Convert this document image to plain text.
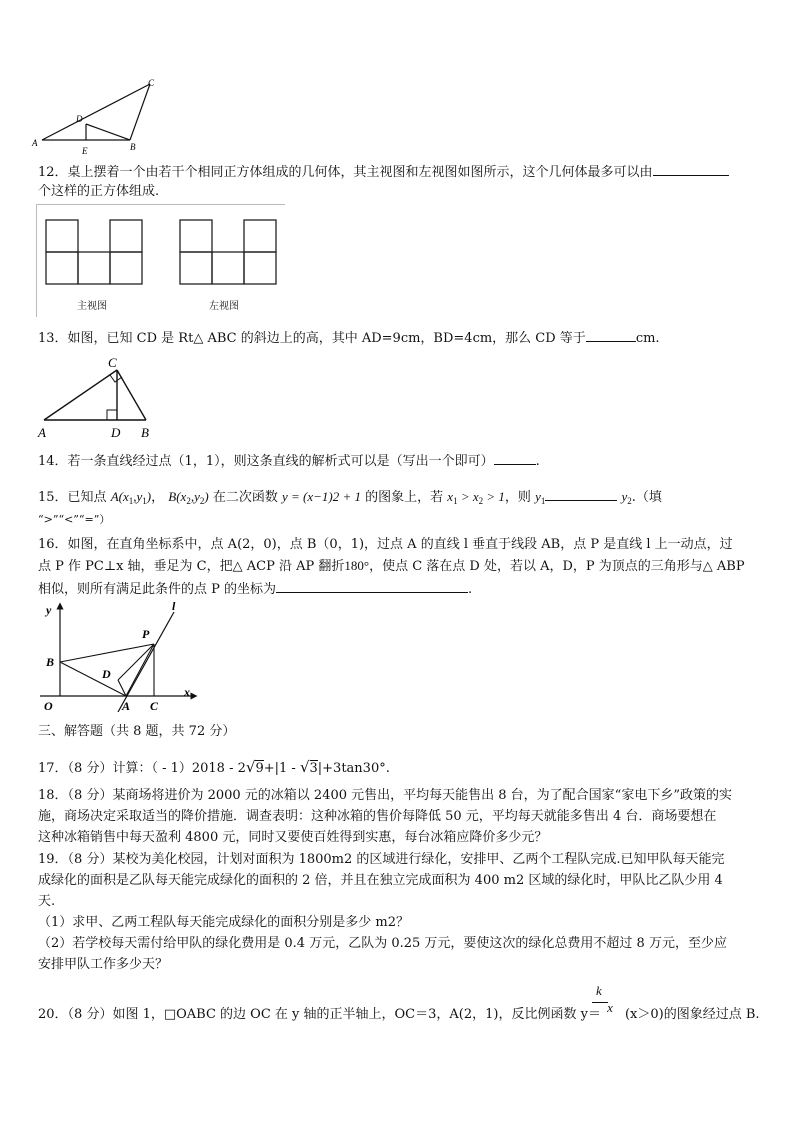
A	B
C
D
E
12．桌上摆着一个由若干个相同正方体组成的几何体，其主视图和左视图如图所示，这个几何体最多可以由
个这样的正方体组成.
主视图	左视图
13．如图，已知 CD 是 Rt△ ABC 的斜边上的高，其中 AD=9cm，BD=4cm，那么 CD 等于	cm.
A	D B
C
14．若一条直线经过点（1，1），则这条直线的解析式可以是（写出一个即可）	.
15．已知点 $A(x_1,y_1)$， $B(x_2,y_2)$ 在二次函数 y = (x−1)2 + 1 的图象上，若 $x_1 > x_2 > 1$，则 $y_1$	$y_2$.（填
“>”“<”“=”）
16．如图，在直角坐标系中，点 A(2，0)，点 B（0，1)，过点 A 的直线 l 垂直于线段 AB，点 P 是直线 l 上一动点，过
点 P 作 PC⊥x 轴，垂足为 C，把△ ACP 沿 AP 翻折180°，使点 C 落在点 D 处，若以 A，D，P 为顶点的三角形与△ ABP
相似，则所有满足此条件的点 P 的坐标为	.
y
x
O
B
A C
D
P
l
三、解答题（共 8 题，共 72 分）
17．（8 分）计算：（ - 1）2018 - 2√9+|1 - √3|+3tan30°.
18．（8 分）某商场将进价为 2000 元的冰箱以 2400 元售出，平均每天能售出 8 台，为了配合国家“家电下乡”政策的实
施，商场决定采取适当的降价措施．调查表明：这种冰箱的售价每降低 50 元，平均每天就能多售出 4 台．商场要想在
这种冰箱销售中每天盈利 4800 元，同时又要使百姓得到实惠，每台冰箱应降价多少元？
19．（8 分）某校为美化校园，计划对面积为 1800m2 的区域进行绿化，安排甲、乙两个工程队完成.已知甲队每天能完
成绿化的面积是乙队每天能完成绿化的面积的 2 倍，并且在独立完成面积为 400 m2 区域的绿化时，甲队比乙队少用 4
天.
（1）求甲、乙两工程队每天能完成绿化的面积分别是多少 m2？
（2）若学校每天需付给甲队的绿化费用是 0.4 万元，乙队为 0.25 万元，要使这次的绿化总费用不超过 8 万元，至少应
安排甲队工作多少天？
k
20．（8 分）如图 1，□OABC 的边 OC 在 y 轴的正半轴上，OC＝3，A(2，1)，反比例函数 y＝ x (x＞0)的图象经过点 B.
